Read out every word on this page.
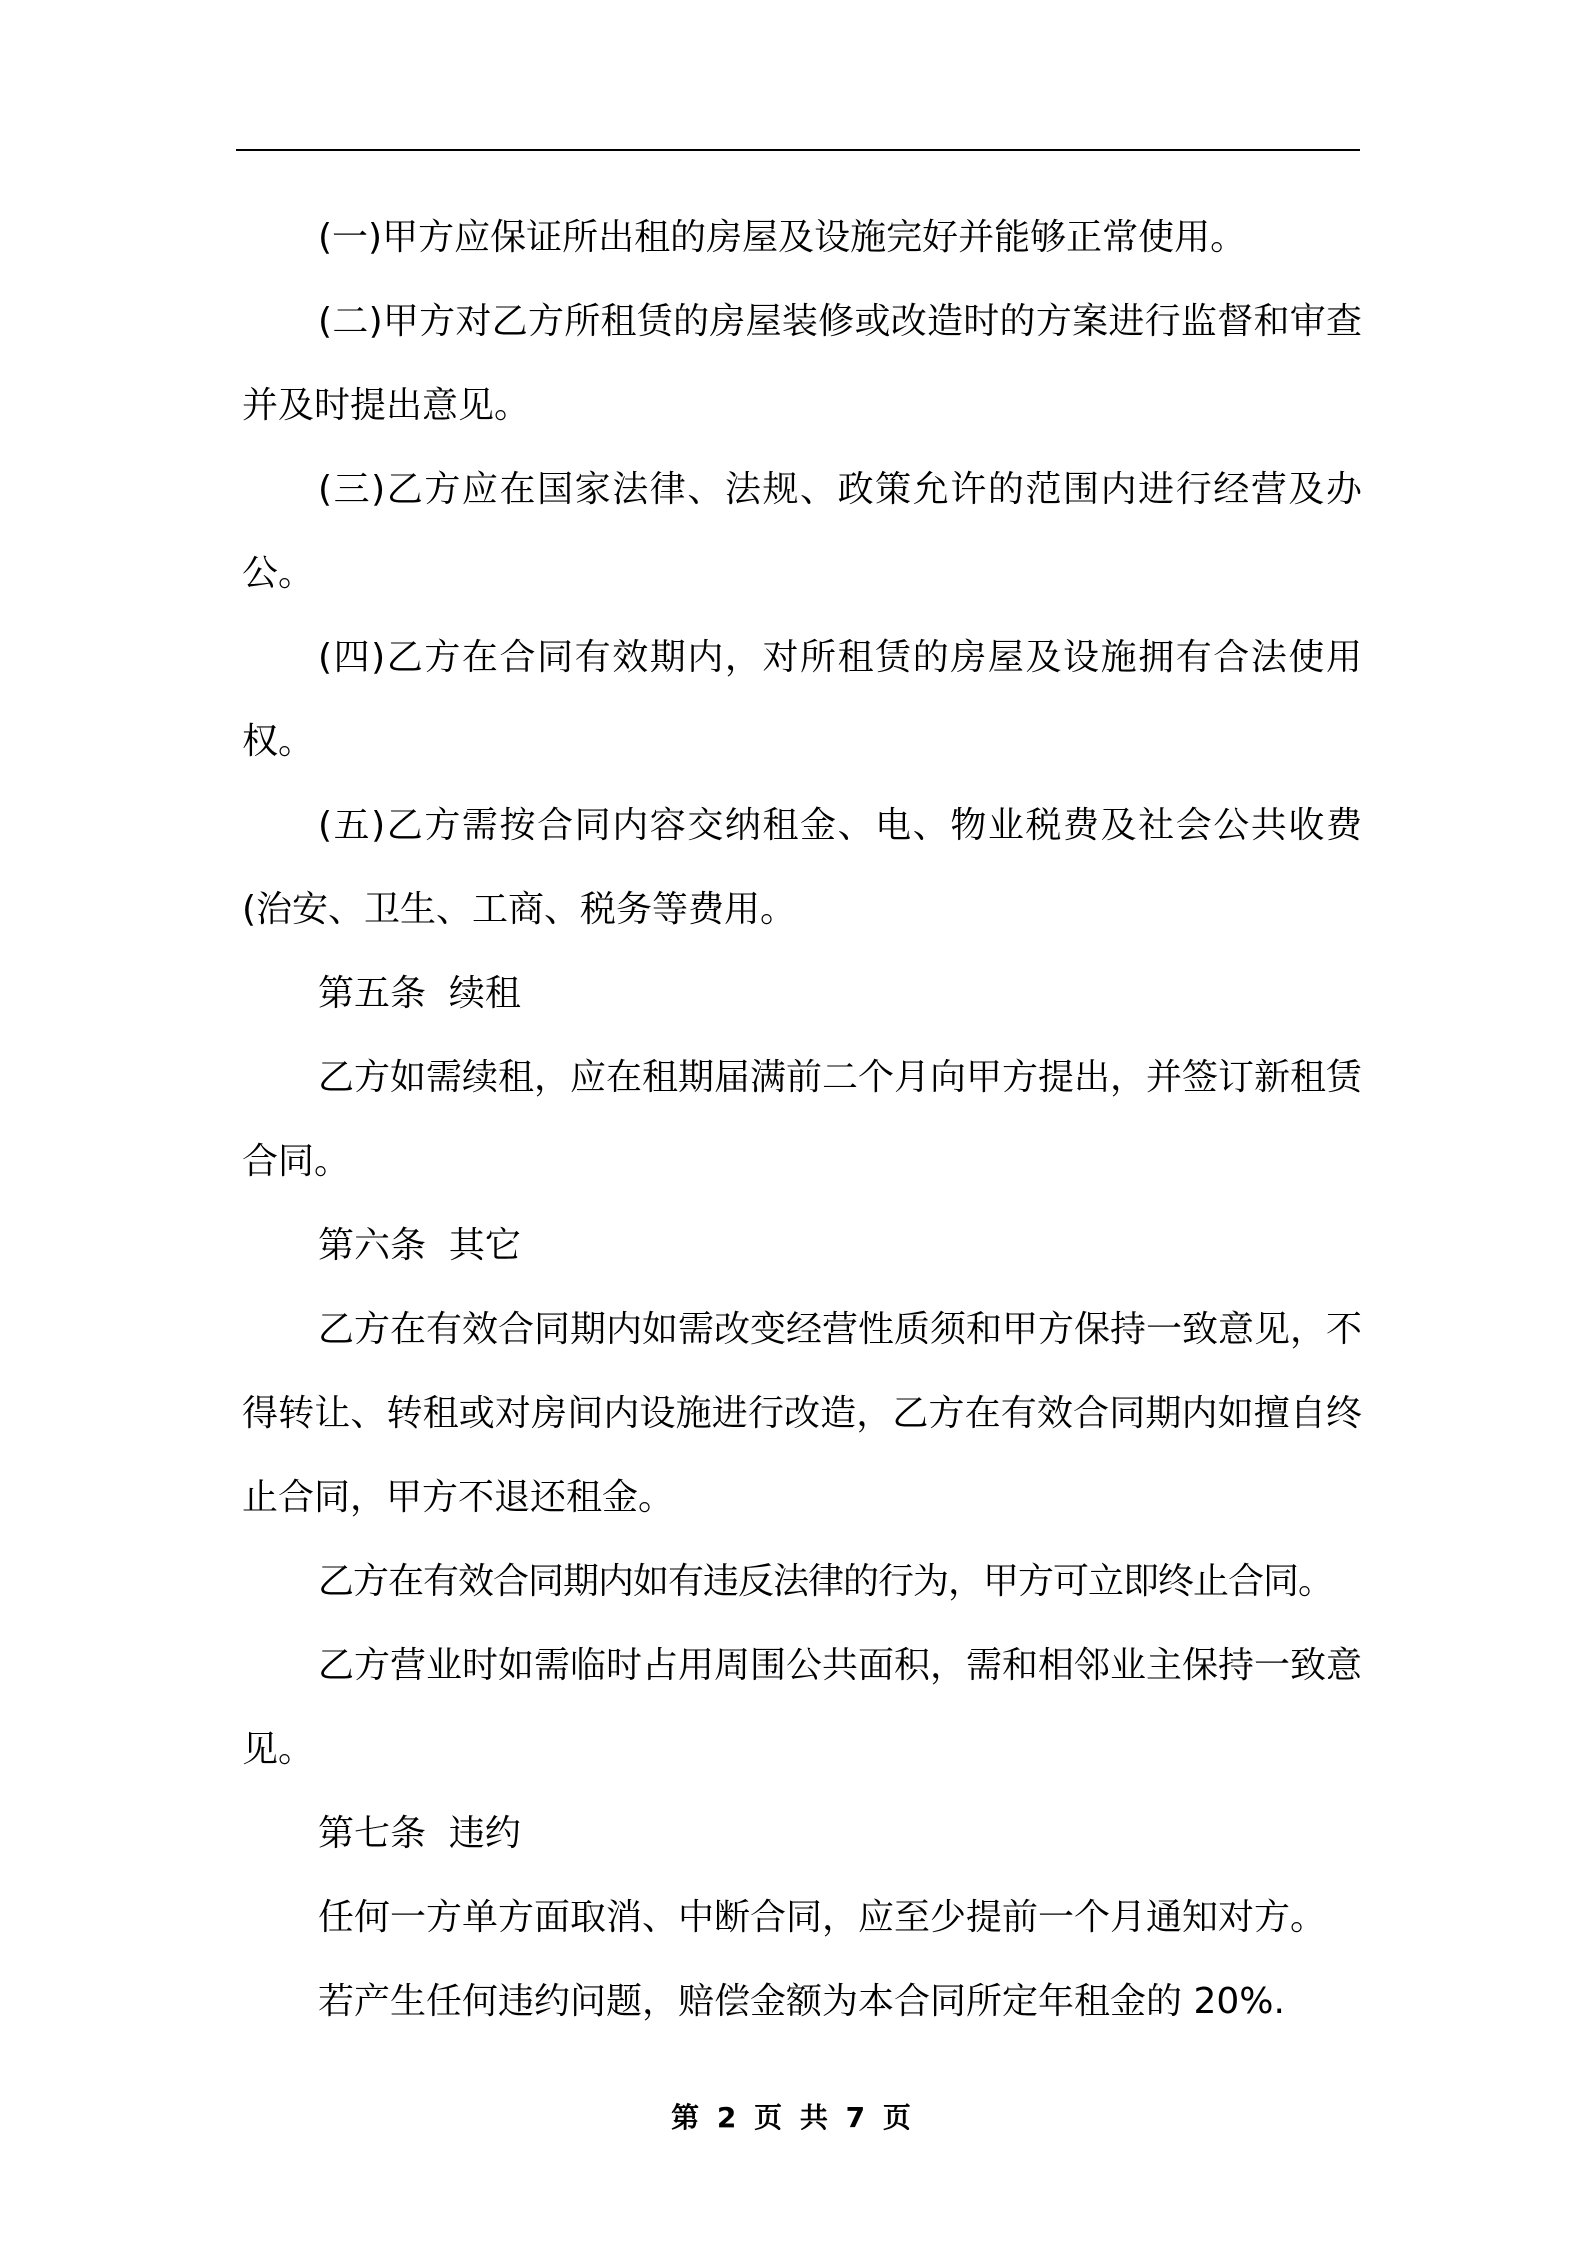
(一)甲方应保证所出租的房屋及设施完好并能够正常使用。

(二)甲方对乙方所租赁的房屋装修或改造时的方案进行监督和审查并及时提出意见。

(三)乙方应在国家法律、法规、政策允许的范围内进行经营及办公。

(四)乙方在合同有效期内，对所租赁的房屋及设施拥有合法使用权。

(五)乙方需按合同内容交纳租金、电、物业税费及社会公共收费(治安、卫生、工商、税务等费用。

第五条  续租

乙方如需续租，应在租期届满前二个月向甲方提出，并签订新租赁合同。

第六条  其它

乙方在有效合同期内如需改变经营性质须和甲方保持一致意见，不得转让、转租或对房间内设施进行改造，乙方在有效合同期内如擅自终止合同，甲方不退还租金。

乙方在有效合同期内如有违反法律的行为，甲方可立即终止合同。

乙方营业时如需临时占用周围公共面积，需和相邻业主保持一致意见。

第七条  违约

任何一方单方面取消、中断合同，应至少提前一个月通知对方。

若产生任何违约问题，赔偿金额为本合同所定年租金的 20%.

第 2 页 共 7 页
